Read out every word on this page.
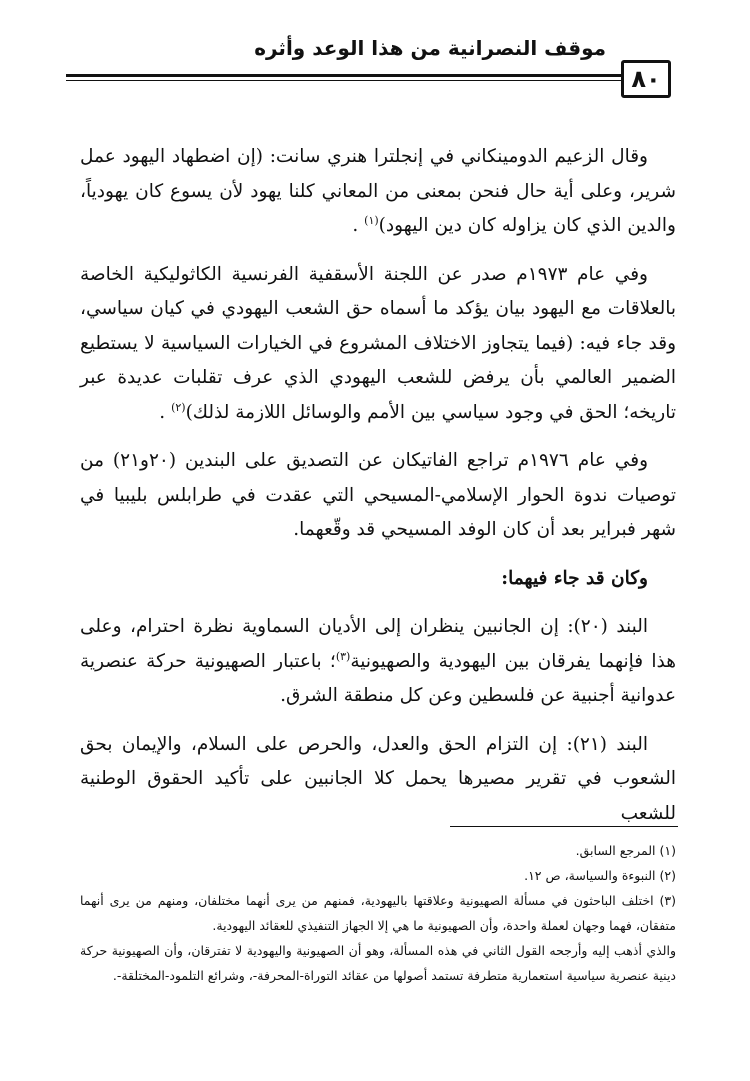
موقف النصرانية من هذا الوعد وأثره
٨٠

وقال الزعيم الدومينكاني في إنجلترا هنري سانت: (إن اضطهاد اليهود عمل شرير، وعلى أية حال فنحن بمعنى من المعاني كلنا يهود لأن يسوع كان يهودياً، والدين الذي كان يزاوله كان دين اليهود)$^{(١)}$ .

وفي عام ١٩٧٣م صدر عن اللجنة الأسقفية الفرنسية الكاثوليكية الخاصة بالعلاقات مع اليهود بيان يؤكد ما أسماه حق الشعب اليهودي في كيان سياسي، وقد جاء فيه: (فيما يتجاوز الاختلاف المشروع في الخيارات السياسية لا يستطيع الضمير العالمي بأن يرفض للشعب اليهودي الذي عرف تقلبات عديدة عبر تاريخه؛ الحق في وجود سياسي بين الأمم والوسائل اللازمة لذلك)$^{(٢)}$ .

وفي عام ١٩٧٦م تراجع الفاتيكان عن التصديق على البندين (٢٠و٢١) من توصيات ندوة الحوار الإسلامي-المسيحي التي عقدت في طرابلس بليبيا في شهر فبراير بعد أن كان الوفد المسيحي قد وقّعهما.

وكان قد جاء فيهما:

البند (٢٠): إن الجانبين ينظران إلى الأديان السماوية نظرة احترام، وعلى هذا فإنهما يفرقان بين اليهودية والصهيونية$^{(٣)}$؛ باعتبار الصهيونية حركة عنصرية عدوانية أجنبية عن فلسطين وعن كل منطقة الشرق.

البند (٢١): إن التزام الحق والعدل، والحرص على السلام، والإيمان بحق الشعوب في تقرير مصيرها يحمل كلا الجانبين على تأكيد الحقوق الوطنية للشعب

(١) المرجع السابق.

(٢) النبوءة والسياسة، ص ١٢.

(٣) اختلف الباحثون في مسألة الصهيونية وعلاقتها باليهودية، فمنهم من يرى أنهما مختلفان، ومنهم من يرى أنهما متفقان، فهما وجهان لعملة واحدة، وأن الصهيونية ما هي إلا الجهاز التنفيذي للعقائد اليهودية.

والذي أذهب إليه وأرجحه القول الثاني في هذه المسألة، وهو أن الصهيونية واليهودية لا تفترقان، وأن الصهيونية حركة دينية عنصرية سياسية استعمارية متطرفة تستمد أصولها من عقائد التوراة-المحرفة-، وشرائع التلمود-المختلقة-.
